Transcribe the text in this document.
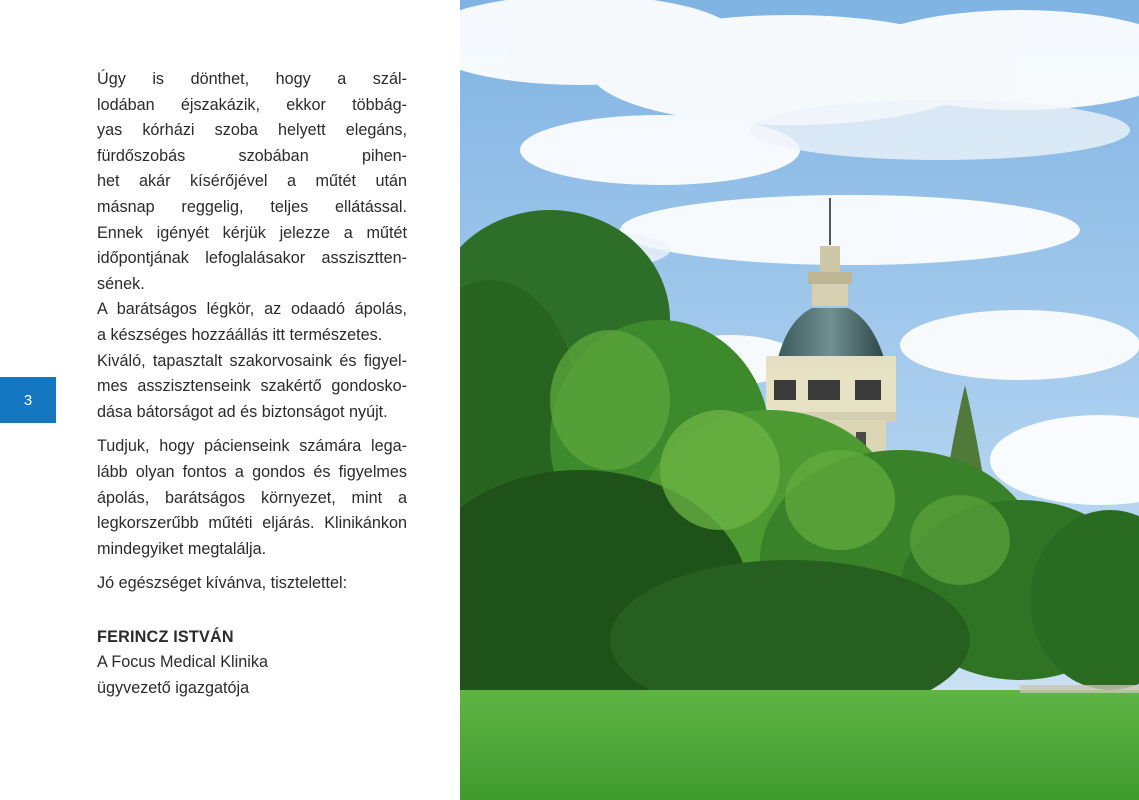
3

Úgy is dönthet, hogy a szál-

lodában éjszakázik, ekkor többág-

yas kórházi szoba helyett elegáns,

fürdőszobás szobában pihen-

het akár kísérőjével a műtét után

másnap reggelig, teljes ellátással.

Ennek igényét kérjük jelezze a műtét

időpontjának lefoglalásakor asszisztten-

sének.

A barátságos légkör, az odaadó ápolás,

a készséges hozzáállás itt természetes.

Kiváló, tapasztalt szakorvosaink és figyel-

mes asszisztenseink szakértő gondosko-

dása bátorságot ad és biztonságot nyújt.

Tudjuk, hogy pácienseink számára lega-

lább olyan fontos a gondos és figyelmes

ápolás, barátságos környezet, mint a

legkorszerűbb műtéti eljárás. Klinikánkon

mindegyiket megtalálja.

Jó egészséget kívánva, tisztelettel:

FERINCZ ISTVÁN

A Focus Medical Klinika

ügyvezető igazgatója
